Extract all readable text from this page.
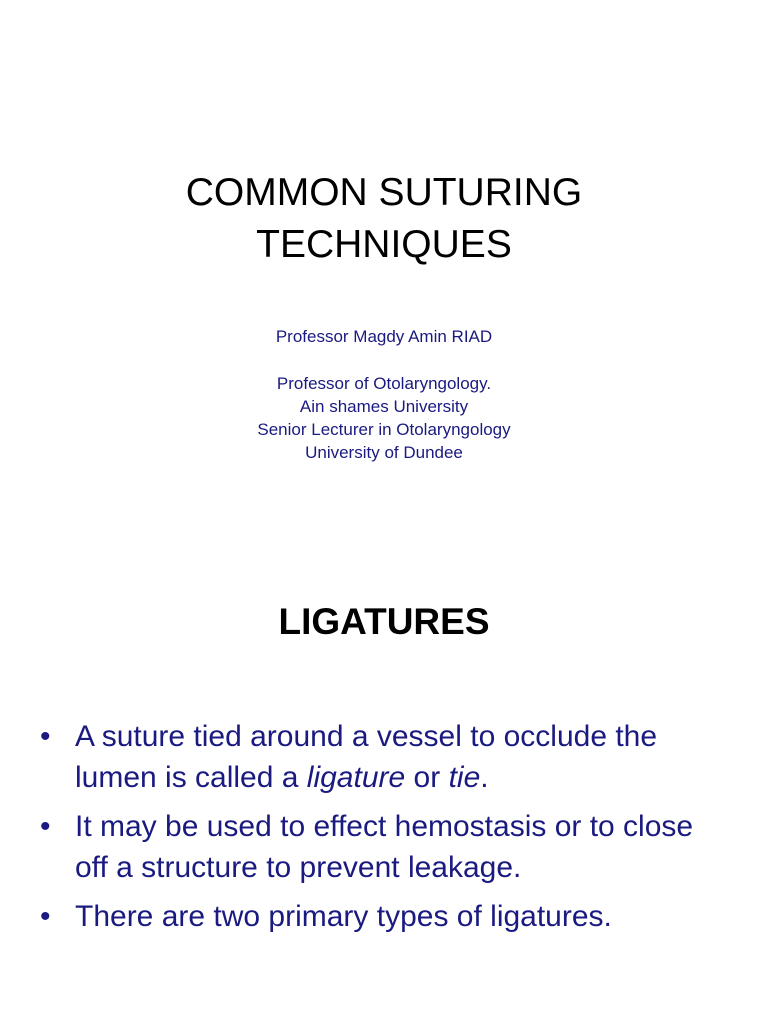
COMMON SUTURING
TECHNIQUES
Professor Magdy Amin RIAD
Professor of Otolaryngology.
Ain shames University
Senior Lecturer in Otolaryngology
University of Dundee
LIGATURES
• A suture tied around a vessel to occlude the lumen is called a ligature or tie.
• It may be used to effect hemostasis or to close off a structure to prevent leakage.
• There are two primary types of ligatures.
